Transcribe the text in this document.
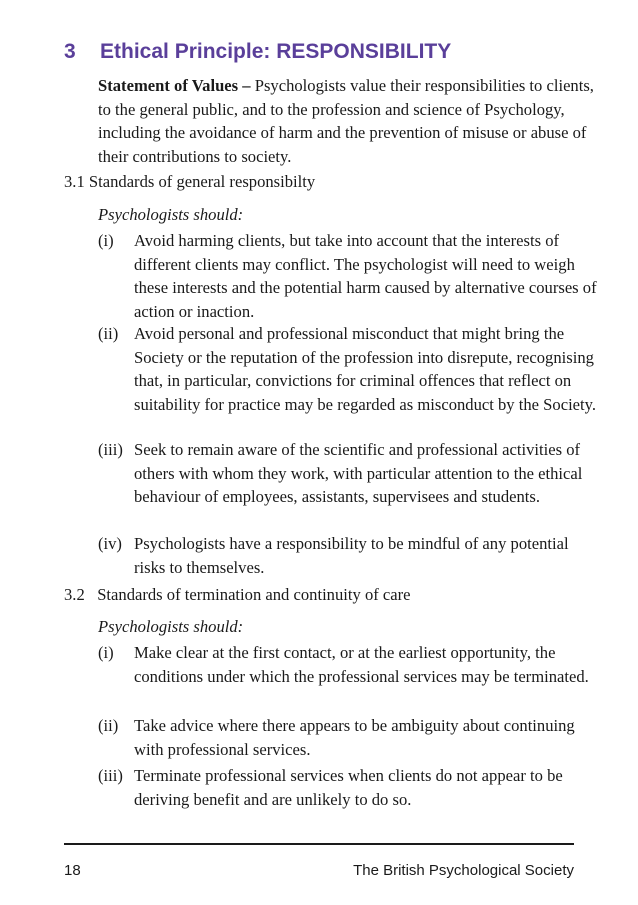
3 Ethical Principle: RESPONSIBILITY
Statement of Values – Psychologists value their responsibilities to clients, to the general public, and to the profession and science of Psychology, including the avoidance of harm and the prevention of misuse or abuse of their contributions to society.
3.1 Standards of general responsibilty
Psychologists should:
(i) Avoid harming clients, but take into account that the interests of different clients may conflict. The psychologist will need to weigh these interests and the potential harm caused by alternative courses of action or inaction.
(ii) Avoid personal and professional misconduct that might bring the Society or the reputation of the profession into disrepute, recognising that, in particular, convictions for criminal offences that reflect on suitability for practice may be regarded as misconduct by the Society.
(iii) Seek to remain aware of the scientific and professional activities of others with whom they work, with particular attention to the ethical behaviour of employees, assistants, supervisees and students.
(iv) Psychologists have a responsibility to be mindful of any potential risks to themselves.
3.2   Standards of termination and continuity of care
Psychologists should:
(i) Make clear at the first contact, or at the earliest opportunity, the conditions under which the professional services may be terminated.
(ii) Take advice where there appears to be ambiguity about continuing with professional services.
(iii) Terminate professional services when clients do not appear to be deriving benefit and are unlikely to do so.
18	The British Psychological Society
